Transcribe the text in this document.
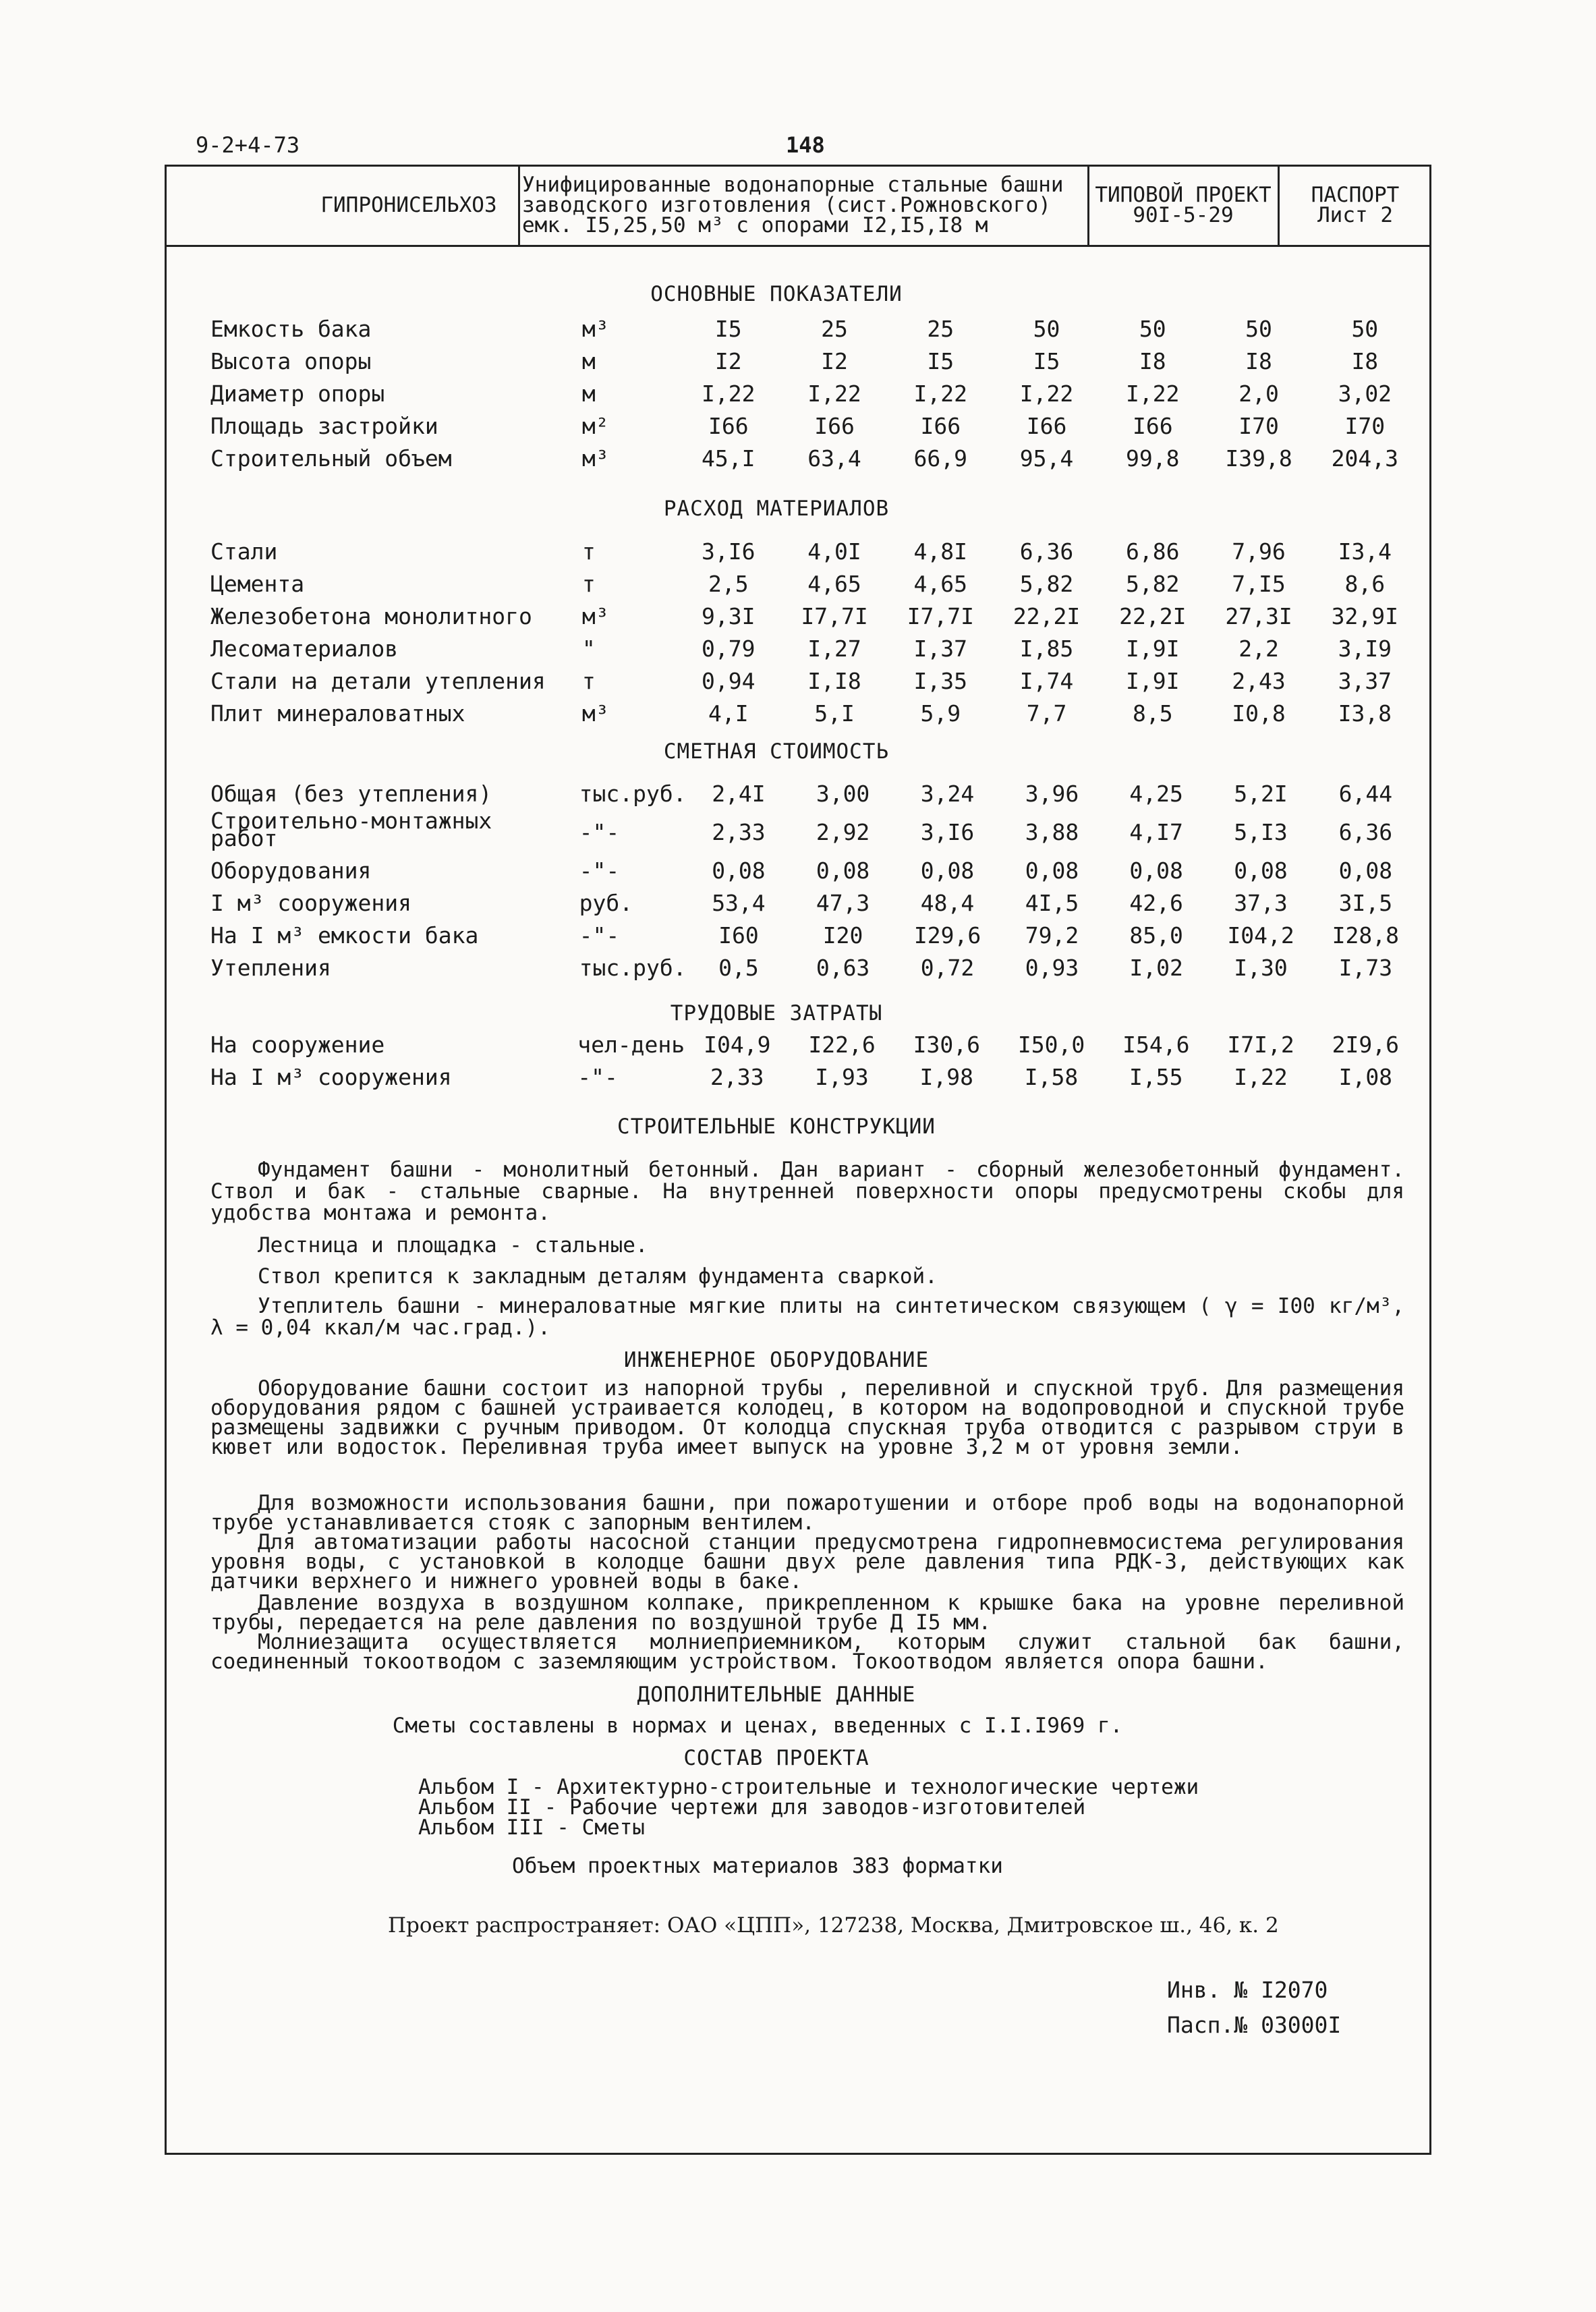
9-2+4-73	148
ГИПРОНИСЕЛЬХОЗ
Унифицированные водонапорные стальные башни заводского изготовления (сист.Рожновского) емк. I5,25,50 м³ с опорами I2,I5,I8 м
ТИПОВОЙ ПРОЕКТ
90I-5-29
ПАСПОРТ
Лист 2
ОСНОВНЫЕ ПОКАЗАТЕЛИ
Емкость бака	м³	I5	25	25	50	50	50	50
Высота опоры	м	I2	I2	I5	I5	I8	I8	I8
Диаметр опоры	м	I,22	I,22	I,22	I,22	I,22	2,0	3,02
Площадь застройки	м²	I66	I66	I66	I66	I66	I70	I70
Строительный объем	м³	45,I	63,4	66,9	95,4	99,8	I39,8	204,3
РАСХОД МАТЕРИАЛОВ
Стали	т	3,I6	4,0I	4,8I	6,36	6,86	7,96	I3,4
Цемента	т	2,5	4,65	4,65	5,82	5,82	7,I5	8,6
Железобетона монолитного	м³	9,3I	I7,7I	I7,7I	22,2I	22,2I	27,3I	32,9I
Лесоматериалов	"	0,79	I,27	I,37	I,85	I,9I	2,2	3,I9
Стали на детали утепления	т	0,94	I,I8	I,35	I,74	I,9I	2,43	3,37
Плит минераловатных	м³	4,I	5,I	5,9	7,7	8,5	I0,8	I3,8
СМЕТНАЯ СТОИМОСТЬ
Общая (без утепления)	тыс.руб.	2,4I	3,00	3,24	3,96	4,25	5,2I	6,44
Строительно-монтажных работ	-"-	2,33	2,92	3,I6	3,88	4,I7	5,I3	6,36
Оборудования	-"-	0,08	0,08	0,08	0,08	0,08	0,08	0,08
I м³ сооружения	руб.	53,4	47,3	48,4	4I,5	42,6	37,3	3I,5
На I м³ емкости бака	-"-	I60	I20	I29,6	79,2	85,0	I04,2	I28,8
Утепления	тыс.руб.	0,5	0,63	0,72	0,93	I,02	I,30	I,73
ТРУДОВЫЕ ЗАТРАТЫ
На сооружение	чел-день	I04,9	I22,6	I30,6	I50,0	I54,6	I7I,2	2I9,6
На I м³ сооружения	-"-	2,33	I,93	I,98	I,58	I,55	I,22	I,08
СТРОИТЕЛЬНЫЕ КОНСТРУКЦИИ
Фундамент башни - монолитный бетонный. Дан вариант - сборный железобетонный фундамент. Ствол и бак - стальные сварные. На внутренней поверхности опоры предусмотрены скобы для удобства монтажа и ремонта.
Лестница и площадка - стальные.
Ствол крепится к закладным деталям фундамента сваркой.
Утеплитель башни - минераловатные мягкие плиты на синтетическом связующем ( γ = I00 кг/м³, λ = 0,04 ккал/м час.град.).
ИНЖЕНЕРНОЕ ОБОРУДОВАНИЕ
Оборудование башни состоит из напорной трубы , переливной и спускной труб. Для размещения оборудования рядом с башней устраивается колодец, в котором на водопроводной и спускной трубе размещены задвижки с ручным приводом. От колодца спускная труба отводится с разрывом струи в кювет или водосток. Переливная труба имеет выпуск на уровне 3,2 м от уровня земли.
Для возможности использования башни, при пожаротушении и отборе проб воды на водонапорной трубе устанавливается стояк с запорным вентилем.
Для автоматизации работы насосной станции предусмотрена гидропневмосистема регулирования уровня воды, с установкой в колодце башни двух реле давления типа РДК-3, действующих как датчики верхнего и нижнего уровней воды в баке.
Давление воздуха в воздушном колпаке, прикрепленном к крышке бака на уровне переливной трубы, передается на реле давления по воздушной трубе Д I5 мм.
Молниезащита осуществляется молниеприемником, которым служит стальной бак башни, соединенный токоотводом с заземляющим устройством. Токоотводом является опора башни.
ДОПОЛНИТЕЛЬНЫЕ ДАННЫЕ
Сметы составлены в нормах и ценах, введенных с I.I.I969 г.
СОСТАВ ПРОЕКТА
Альбом I - Архитектурно-строительные и технологические чертежи
Альбом II - Рабочие чертежи для заводов-изготовителей
Альбом III - Сметы
Объем проектных материалов 383 форматки
Проект распространяет: ОАО «ЦПП», 127238, Москва, Дмитровское ш., 46, к. 2
Инв. № I2070
Пасп.№ 03000I
